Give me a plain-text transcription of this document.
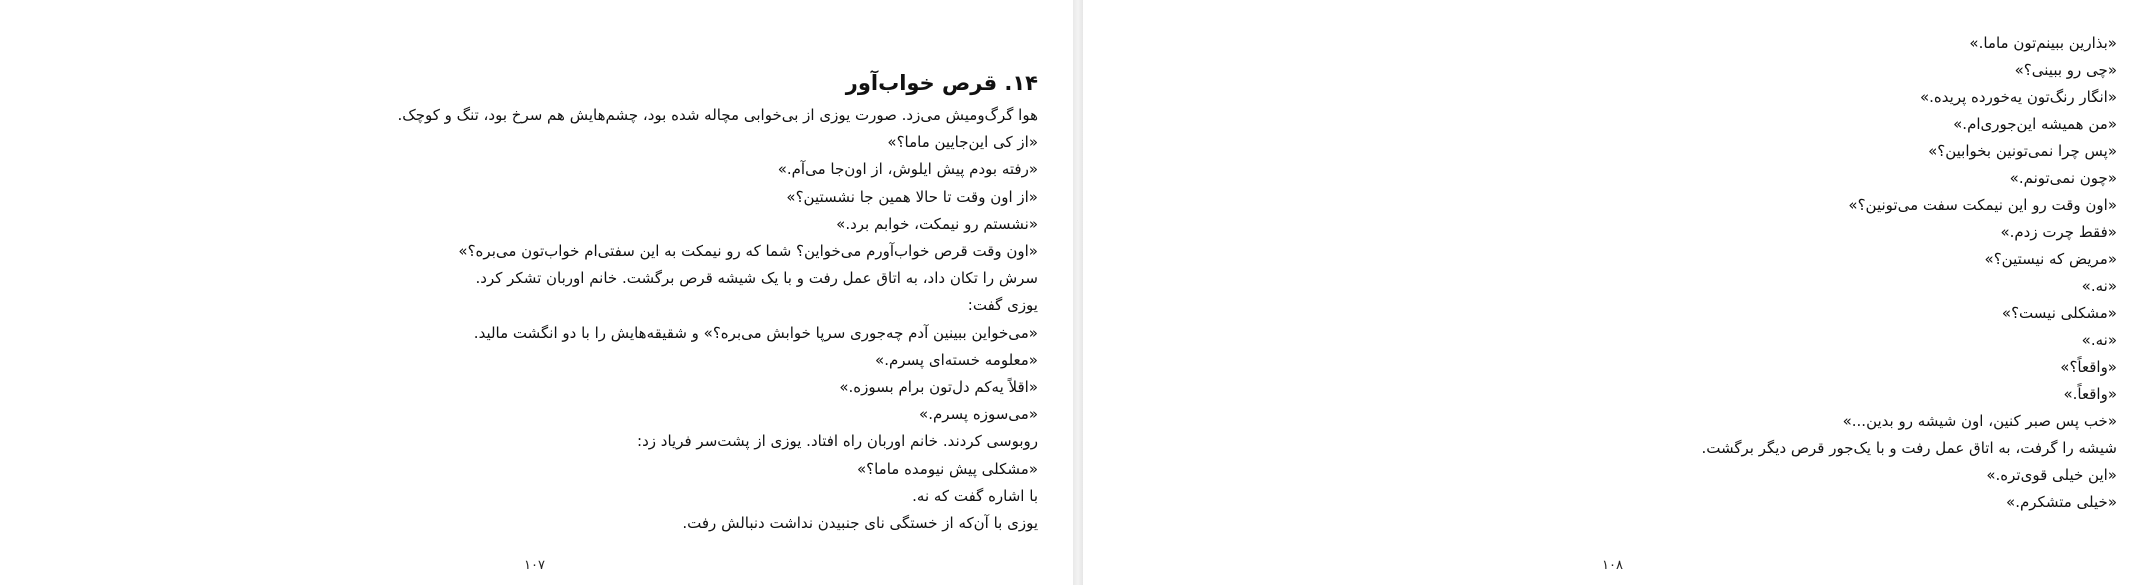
۱۴. قرص خواب‌آور
هوا گرگ‌ومیش می‌زد. صورت یوزی از بی‌خوابی مچاله شده بود، چشم‌هایش هم سرخ بود، تنگ و کوچک.
«از کی این‌جایین ماما؟»
«رفته بودم پیش ایلوش، از اون‌جا می‌آم.»
«از اون وقت تا حالا همین جا نشستین؟»
«نشستم رو نیمکت، خوابم برد.»
«اون وقت قرص خواب‌آورم می‌خواین؟ شما که رو نیمکت به این سفتی‌ام خواب‌تون می‌بره؟»
سرش را تکان داد، به اتاق عمل رفت و با یک شیشه قرص برگشت. خانم اوربان تشکر کرد.
یوزی گفت:
«می‌خواین ببینین آدم چه‌جوری سرپا خوابش می‌بره؟» و شقیقه‌هایش را با دو انگشت مالید.
«معلومه خسته‌ای پسرم.»
«اقلاً یه‌کم دل‌تون برام بسوزه.»
«می‌سوزه پسرم.»
روبوسی کردند. خانم اوربان راه افتاد. یوزی از پشت‌سر فریاد زد:
«مشکلی پیش نیومده ماما؟»
با اشاره گفت که نه.
یوزی با آن‌که از خستگی نای جنبیدن نداشت دنبالش رفت.
۱۰۷
«بذارین ببینم‌تون ماما.»
«چی رو ببینی؟»
«انگار رنگ‌تون یه‌خورده پریده.»
«من همیشه این‌جوری‌ام.»
«پس چرا نمی‌تونین بخوابین؟»
«چون نمی‌تونم.»
«اون وقت رو این نیمکت سفت می‌تونین؟»
«فقط چرت زدم.»
«مریض که نیستین؟»
«نه.»
«مشکلی نیست؟»
«نه.»
«واقعاً؟»
«واقعاً.»
«خب پس صبر کنین، اون شیشه رو بدین...»
شیشه را گرفت، به اتاق عمل رفت و با یک‌جور قرص دیگر برگشت.
«این خیلی قوی‌تره.»
«خیلی متشکرم.»
۱۰۸
